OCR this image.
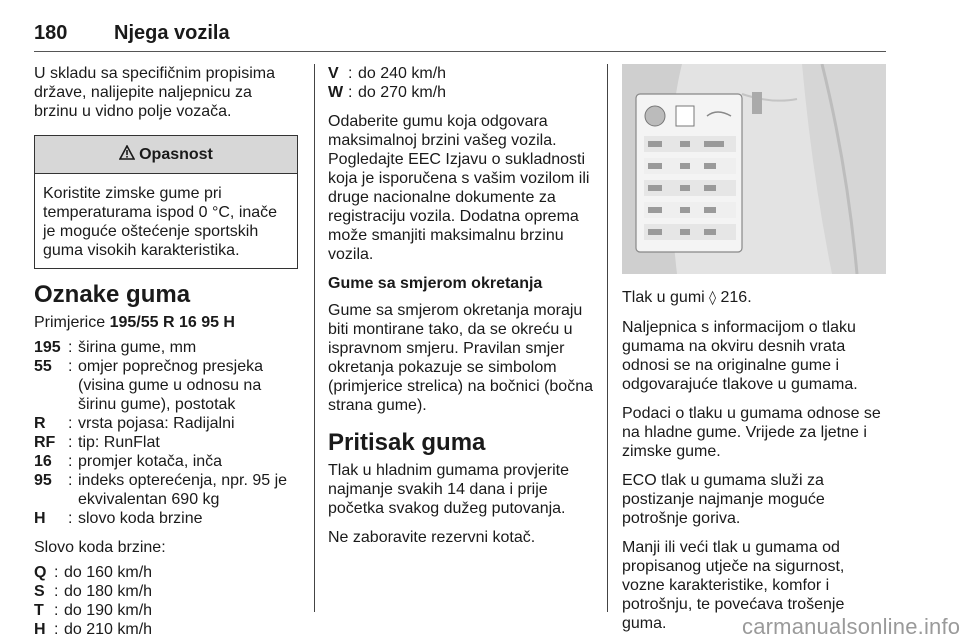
180 Njega vozila

U skladu sa specifičnim propisima države, nalijepite naljepnicu za brzinu u vidno polje vozača.

Opasnost
Koristite zimske gume pri temperaturama ispod 0 °C, inače je moguće oštećenje sportskih guma visokih karakteristika.
Oznake guma

Primjerice 195/55 R 16 95 H

195 : širina gume, mm
55	: omjer poprečnog presjeka (visina gume u odnosu na širinu gume), postotak
R	: vrsta pojasa: Radijalni
RF : tip: RunFlat
16	: promjer kotača, inča
95	: indeks opterećenja, npr. 95 je ekvivalentan 690 kg
H	: slovo koda brzine

Slovo koda brzine:

Q : do 160 km/h
S : do 180 km/h
T : do 190 km/h
H : do 210 km/h
V : do 240 km/h
W : do 270 km/h

Odaberite gumu koja odgovara maksimalnoj brzini vašeg vozila. Pogledajte EEC Izjavu o sukladnosti koja je isporučena s vašim vozilom ili druge nacionalne dokumente za registraciju vozila. Dodatna oprema može smanjiti maksimalnu brzinu vozila.

Gume sa smjerom okretanja

Gume sa smjerom okretanja moraju biti montirane tako, da se okreću u ispravnom smjeru. Pravilan smjer okretanja pokazuje se simbolom (primjerice strelica) na bočnici (bočna strana gume).

Pritisak guma

Tlak u hladnim gumama provjerite najmanje svakih 14 dana i prije početka svakog dužeg putovanja.

Ne zaboravite rezervni kotač.

Tlak u gumi ◊ 216.

Naljepnica s informacijom o tlaku gumama na okviru desnih vrata odnosi se na originalne gume i odgovarajuće tlakove u gumama.

Podaci o tlaku u gumama odnose se na hladne gume. Vrijede za ljetne i zimske gume.

ECO tlak u gumama služi za postizanje najmanje moguće potrošnje goriva.

Manji ili veći tlak u gumama od propisanog utječe na sigurnost, vozne karakteristike, komfor i potrošnju, te povećava trošenje guma.	carmanualsonline.info
